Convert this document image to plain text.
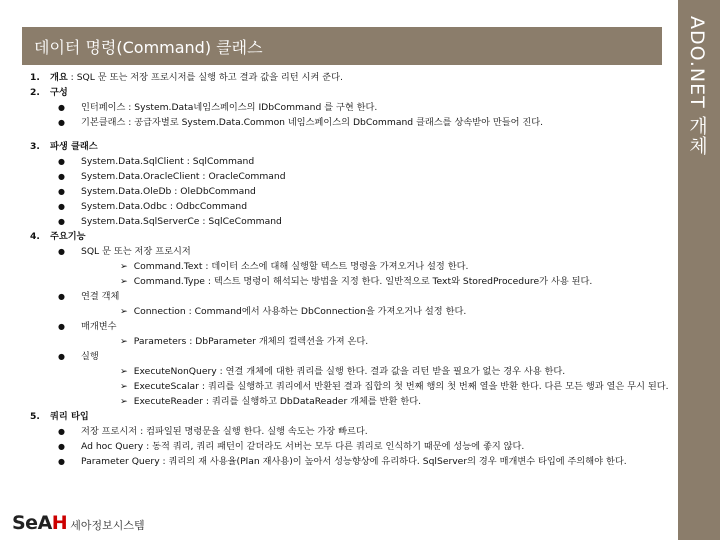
데이터 명령(Command) 클래스	ADO.NET 개체
1. 개요 : SQL 문 또는 저장 프로시저를 실행 하고 결과 값을 리턴 시켜 준다.
2. 구성
● 인터페이스 : System.Data네임스페이스의 IDbCommand 를 구현 한다.
● 기본클래스 : 공급자별로 System.Data.Common 네임스페이스의 DbCommand 클래스를 상속받아 만들어 진다.
3. 파생 클래스
● System.Data.SqlClient : SqlCommand
● System.Data.OracleClient : OracleCommand
● System.Data.OleDb : OleDbCommand
● System.Data.Odbc : OdbcCommand
● System.Data.SqlServerCe : SqlCeCommand
4. 주요기능
● SQL 문 또는 저장 프로시저
➢ Command.Text : 데이터 소스에 대해 실행할 텍스트 명령을 가져오거나 설정 한다.
➢ Command.Type : 텍스트 명령이 해석되는 방법을 지정 한다. 일반적으로 Text와 StoredProcedure가 사용 된다.
● 연결 객체
➢ Connection : Command에서 사용하는 DbConnection을 가져오거나 설정 한다.
● 매개변수
➢ Parameters : DbParameter 개체의 컬렉션을 가져 온다.
● 실행
➢ ExecuteNonQuery : 연결 개체에 대한 쿼리를 실행 한다. 결과 값을 리턴 받을 필요가 없는 경우 사용 한다.
➢ ExecuteScalar : 쿼리를 실행하고 쿼리에서 반환된 결과 집합의 첫 번째 행의 첫 번째 열을 반환 한다. 다른 모든 행과 열은 무시 된다.
➢ ExecuteReader : 쿼리를 실행하고 DbDataReader 개체를 반환 한다.
5. 쿼리 타입
● 저장 프로시저 : 컴파일된 명령문을 실행 한다. 실행 속도는 가장 빠르다.
● Ad hoc Query : 동적 쿼리, 쿼리 패턴이 같더라도 서버는 모두 다른 쿼리로 인식하기 때문에 성능에 좋지 않다.
● Parameter Query : 쿼리의 재 사용율(Plan 재사용)이 높아서 성능향상에 유리하다. SqlServer의 경우 매개변수 타입에 주의해야 한다.
SeAH 세아정보시스템
